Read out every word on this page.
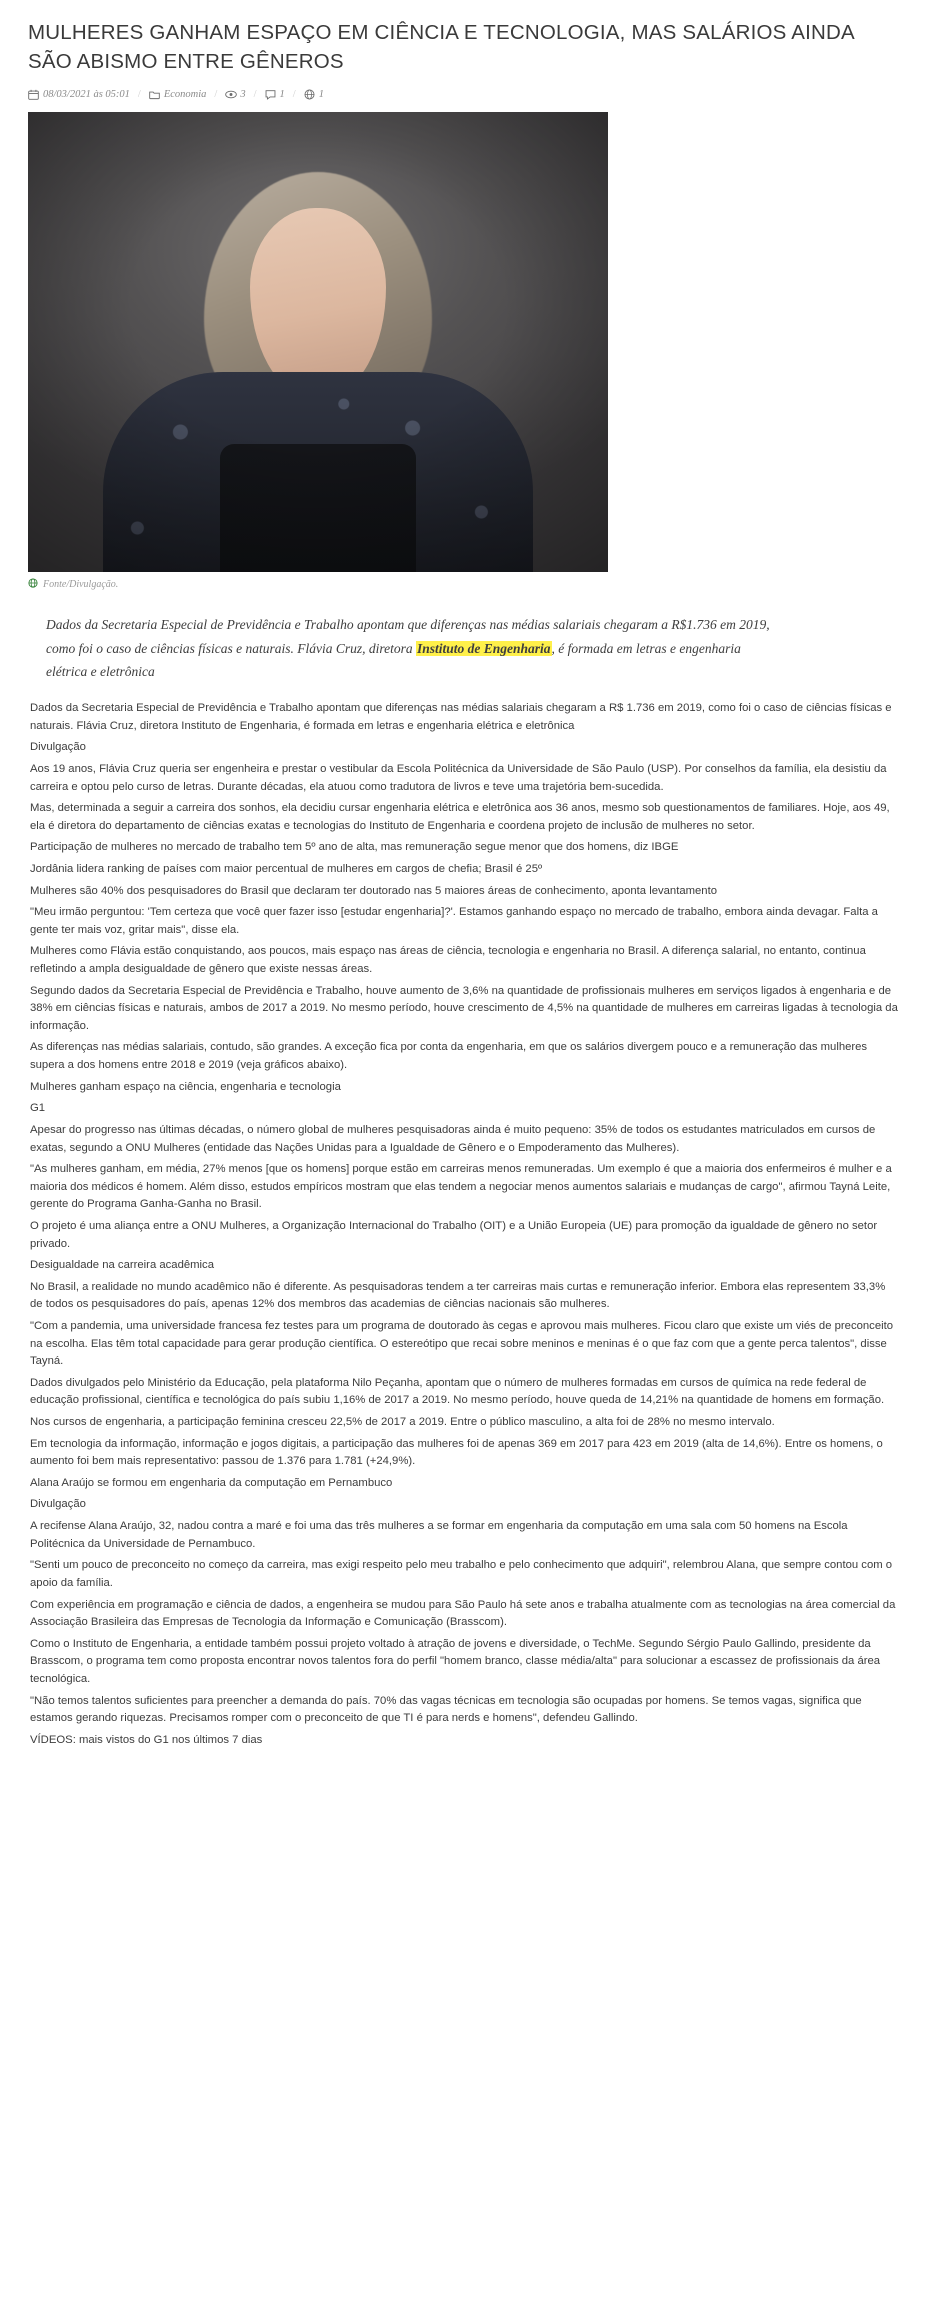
MULHERES GANHAM ESPAÇO EM CIÊNCIA E TECNOLOGIA, MAS SALÁRIOS AINDA SÃO ABISMO ENTRE GÊNEROS
08/03/2021 às 05:01 / Economia / 3 / 1 / 1
Fonte/Divulgação.
Dados da Secretaria Especial de Previdência e Trabalho apontam que diferenças nas médias salariais chegaram a R$1.736 em 2019, como foi o caso de ciências físicas e naturais. Flávia Cruz, diretora Instituto de Engenharia, é formada em letras e engenharia elétrica e eletrônica

Dados da Secretaria Especial de Previdência e Trabalho apontam que diferenças nas médias salariais chegaram a R$ 1.736 em 2019, como foi o caso de ciências físicas e naturais. Flávia Cruz, diretora Instituto de Engenharia, é formada em letras e engenharia elétrica e eletrônica

Divulgação

Aos 19 anos, Flávia Cruz queria ser engenheira e prestar o vestibular da Escola Politécnica da Universidade de São Paulo (USP). Por conselhos da família, ela desistiu da carreira e optou pelo curso de letras. Durante décadas, ela atuou como tradutora de livros e teve uma trajetória bem-sucedida.

Mas, determinada a seguir a carreira dos sonhos, ela decidiu cursar engenharia elétrica e eletrônica aos 36 anos, mesmo sob questionamentos de familiares. Hoje, aos 49, ela é diretora do departamento de ciências exatas e tecnologias do Instituto de Engenharia e coordena projeto de inclusão de mulheres no setor.

Participação de mulheres no mercado de trabalho tem 5º ano de alta, mas remuneração segue menor que dos homens, diz IBGE

Jordânia lidera ranking de países com maior percentual de mulheres em cargos de chefia; Brasil é 25º

Mulheres são 40% dos pesquisadores do Brasil que declaram ter doutorado nas 5 maiores áreas de conhecimento, aponta levantamento

"Meu irmão perguntou: 'Tem certeza que você quer fazer isso [estudar engenharia]?'. Estamos ganhando espaço no mercado de trabalho, embora ainda devagar. Falta a gente ter mais voz, gritar mais", disse ela.

Mulheres como Flávia estão conquistando, aos poucos, mais espaço nas áreas de ciência, tecnologia e engenharia no Brasil. A diferença salarial, no entanto, continua refletindo a ampla desigualdade de gênero que existe nessas áreas.

Segundo dados da Secretaria Especial de Previdência e Trabalho, houve aumento de 3,6% na quantidade de profissionais mulheres em serviços ligados à engenharia e de 38% em ciências físicas e naturais, ambos de 2017 a 2019. No mesmo período, houve crescimento de 4,5% na quantidade de mulheres em carreiras ligadas à tecnologia da informação.

As diferenças nas médias salariais, contudo, são grandes. A exceção fica por conta da engenharia, em que os salários divergem pouco e a remuneração das mulheres supera a dos homens entre 2018 e 2019 (veja gráficos abaixo).

Mulheres ganham espaço na ciência, engenharia e tecnologia

G1

Apesar do progresso nas últimas décadas, o número global de mulheres pesquisadoras ainda é muito pequeno: 35% de todos os estudantes matriculados em cursos de exatas, segundo a ONU Mulheres (entidade das Nações Unidas para a Igualdade de Gênero e o Empoderamento das Mulheres).

"As mulheres ganham, em média, 27% menos [que os homens] porque estão em carreiras menos remuneradas. Um exemplo é que a maioria dos enfermeiros é mulher e a maioria dos médicos é homem. Além disso, estudos empíricos mostram que elas tendem a negociar menos aumentos salariais e mudanças de cargo", afirmou Tayná Leite, gerente do Programa Ganha-Ganha no Brasil.

O projeto é uma aliança entre a ONU Mulheres, a Organização Internacional do Trabalho (OIT) e a União Europeia (UE) para promoção da igualdade de gênero no setor privado.

Desigualdade na carreira acadêmica

No Brasil, a realidade no mundo acadêmico não é diferente. As pesquisadoras tendem a ter carreiras mais curtas e remuneração inferior. Embora elas representem 33,3% de todos os pesquisadores do país, apenas 12% dos membros das academias de ciências nacionais são mulheres.

"Com a pandemia, uma universidade francesa fez testes para um programa de doutorado às cegas e aprovou mais mulheres. Ficou claro que existe um viés de preconceito na escolha. Elas têm total capacidade para gerar produção científica. O estereótipo que recai sobre meninos e meninas é o que faz com que a gente perca talentos", disse Tayná.

Dados divulgados pelo Ministério da Educação, pela plataforma Nilo Peçanha, apontam que o número de mulheres formadas em cursos de química na rede federal de educação profissional, científica e tecnológica do país subiu 1,16% de 2017 a 2019. No mesmo período, houve queda de 14,21% na quantidade de homens em formação.

Nos cursos de engenharia, a participação feminina cresceu 22,5% de 2017 a 2019. Entre o público masculino, a alta foi de 28% no mesmo intervalo.

Em tecnologia da informação, informação e jogos digitais, a participação das mulheres foi de apenas 369 em 2017 para 423 em 2019 (alta de 14,6%). Entre os homens, o aumento foi bem mais representativo: passou de 1.376 para 1.781 (+24,9%).

Alana Araújo se formou em engenharia da computação em Pernambuco

Divulgação

A recifense Alana Araújo, 32, nadou contra a maré e foi uma das três mulheres a se formar em engenharia da computação em uma sala com 50 homens na Escola Politécnica da Universidade de Pernambuco.

"Senti um pouco de preconceito no começo da carreira, mas exigi respeito pelo meu trabalho e pelo conhecimento que adquiri", relembrou Alana, que sempre contou com o apoio da família.

Com experiência em programação e ciência de dados, a engenheira se mudou para São Paulo há sete anos e trabalha atualmente com as tecnologias na área comercial da Associação Brasileira das Empresas de Tecnologia da Informação e Comunicação (Brasscom).

Como o Instituto de Engenharia, a entidade também possui projeto voltado à atração de jovens e diversidade, o TechMe. Segundo Sérgio Paulo Gallindo, presidente da Brasscom, o programa tem como proposta encontrar novos talentos fora do perfil "homem branco, classe média/alta" para solucionar a escassez de profissionais da área tecnológica.

"Não temos talentos suficientes para preencher a demanda do país. 70% das vagas técnicas em tecnologia são ocupadas por homens. Se temos vagas, significa que estamos gerando riquezas. Precisamos romper com o preconceito de que TI é para nerds e homens", defendeu Gallindo.

VÍDEOS: mais vistos do G1 nos últimos 7 dias
